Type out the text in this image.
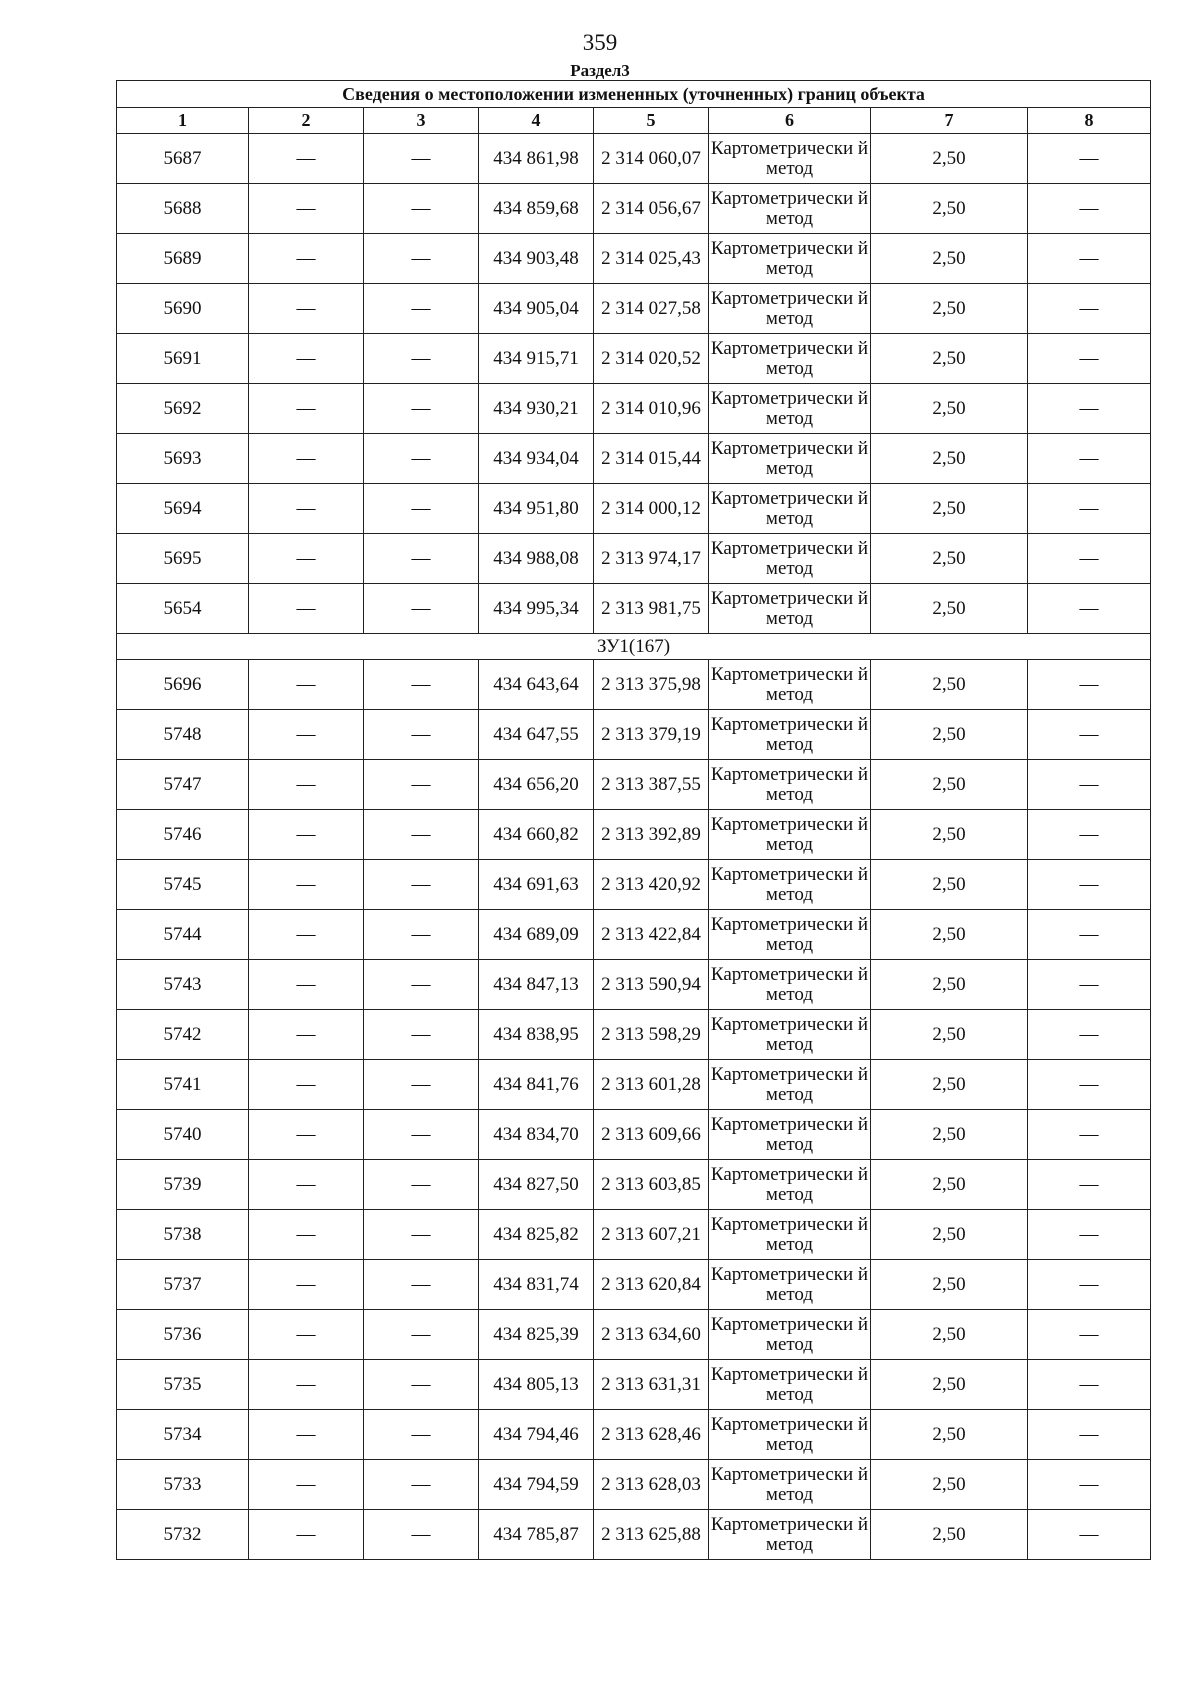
359
Раздел3
Сведения о местоположении измененных (уточненных) границ объекта							
1	2	3	4	5	6	7	8
5687	—	—	434 861,98	2 314 060,07	Картометрически й метод	2,50	—
5688	—	—	434 859,68	2 314 056,67	Картометрически й метод	2,50	—
5689	—	—	434 903,48	2 314 025,43	Картометрически й метод	2,50	—
5690	—	—	434 905,04	2 314 027,58	Картометрически й метод	2,50	—
5691	—	—	434 915,71	2 314 020,52	Картометрически й метод	2,50	—
5692	—	—	434 930,21	2 314 010,96	Картометрически й метод	2,50	—
5693	—	—	434 934,04	2 314 015,44	Картометрически й метод	2,50	—
5694	—	—	434 951,80	2 314 000,12	Картометрически й метод	2,50	—
5695	—	—	434 988,08	2 313 974,17	Картометрически й метод	2,50	—
5654	—	—	434 995,34	2 313 981,75	Картометрически й метод	2,50	—
ЗУ1(167)							
5696	—	—	434 643,64	2 313 375,98	Картометрически й метод	2,50	—
5748	—	—	434 647,55	2 313 379,19	Картометрически й метод	2,50	—
5747	—	—	434 656,20	2 313 387,55	Картометрически й метод	2,50	—
5746	—	—	434 660,82	2 313 392,89	Картометрически й метод	2,50	—
5745	—	—	434 691,63	2 313 420,92	Картометрически й метод	2,50	—
5744	—	—	434 689,09	2 313 422,84	Картометрически й метод	2,50	—
5743	—	—	434 847,13	2 313 590,94	Картометрически й метод	2,50	—
5742	—	—	434 838,95	2 313 598,29	Картометрически й метод	2,50	—
5741	—	—	434 841,76	2 313 601,28	Картометрически й метод	2,50	—
5740	—	—	434 834,70	2 313 609,66	Картометрически й метод	2,50	—
5739	—	—	434 827,50	2 313 603,85	Картометрически й метод	2,50	—
5738	—	—	434 825,82	2 313 607,21	Картометрически й метод	2,50	—
5737	—	—	434 831,74	2 313 620,84	Картометрически й метод	2,50	—
5736	—	—	434 825,39	2 313 634,60	Картометрически й метод	2,50	—
5735	—	—	434 805,13	2 313 631,31	Картометрически й метод	2,50	—
5734	—	—	434 794,46	2 313 628,46	Картометрически й метод	2,50	—
5733	—	—	434 794,59	2 313 628,03	Картометрически й метод	2,50	—
5732	—	—	434 785,87	2 313 625,88	Картометрически й метод	2,50	—
